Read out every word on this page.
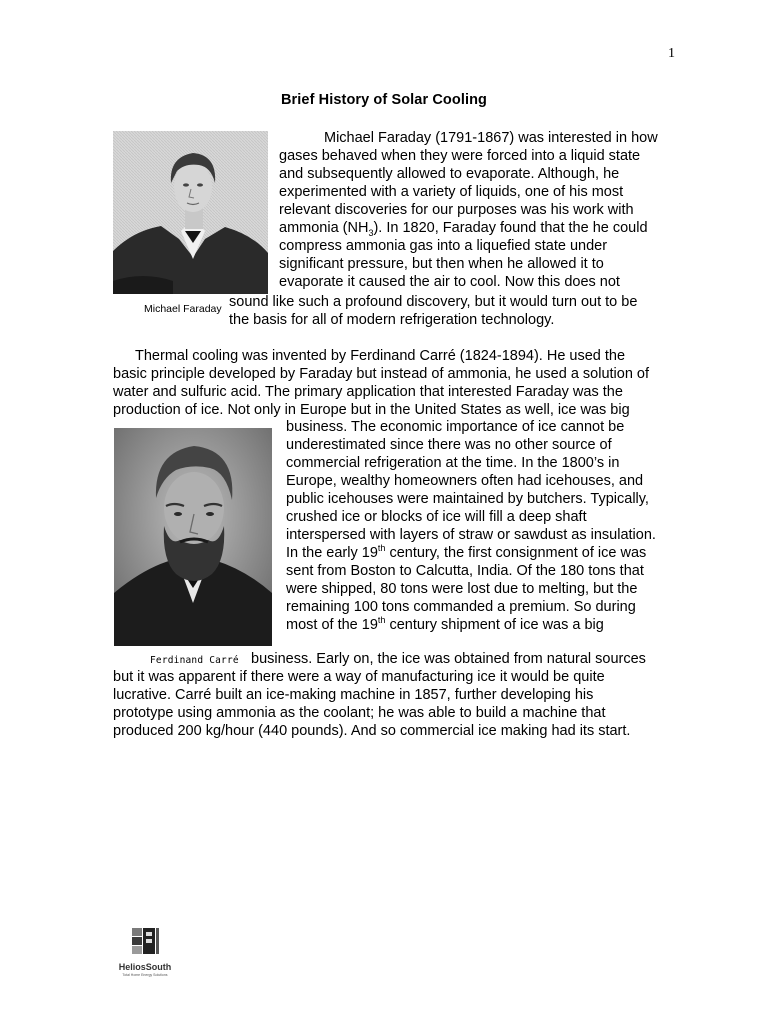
1
Brief History of Solar Cooling
Michael Faraday
Michael Faraday (1791-1867) was interested in how
gases behaved when they were forced into a liquid state
and subsequently allowed to evaporate. Although, he
experimented with a variety of liquids, one of his most
relevant discoveries for our purposes was his work with
ammonia $(NH_3)$. In 1820, Faraday found that the he could
compress ammonia gas into a liquefied state under
significant pressure, but then when he allowed it to
evaporate it caused the air to cool. Now this does not
sound like such a profound discovery, but it would turn out to be
the basis for all of modern refrigeration technology.
Thermal cooling was invented by Ferdinand Carré (1824-1894). He used the
basic principle developed by Faraday but instead of ammonia, he used a solution of
water and sulfuric acid. The primary application that interested Faraday was the
production of ice. Not only in Europe but in the United States as well, ice was big
Ferdinand Carré
business. The economic importance of ice cannot be
underestimated since there was no other source of
commercial refrigeration at the time. In the 1800’s in
Europe, wealthy homeowners often had icehouses, and
public icehouses were maintained by butchers. Typically,
crushed ice or blocks of ice will fill a deep shaft
interspersed with layers of straw or sawdust as insulation.
In the early 19th century, the first consignment of ice was
sent from Boston to Calcutta, India. Of the 180 tons that
were shipped, 80 tons were lost due to melting, but the
remaining 100 tons commanded a premium. So during
most of the 19th century shipment of ice was a big
business. Early on, the ice was obtained from natural sources
but it was apparent if there were a way of manufacturing ice it would be quite
lucrative. Carré built an ice-making machine in 1857, further developing his
prototype using ammonia as the coolant; he was able to build a machine that
produced 200 kg/hour (440 pounds). And so commercial ice making had its start.
HeliosSouth
Total Home Energy Solutions
